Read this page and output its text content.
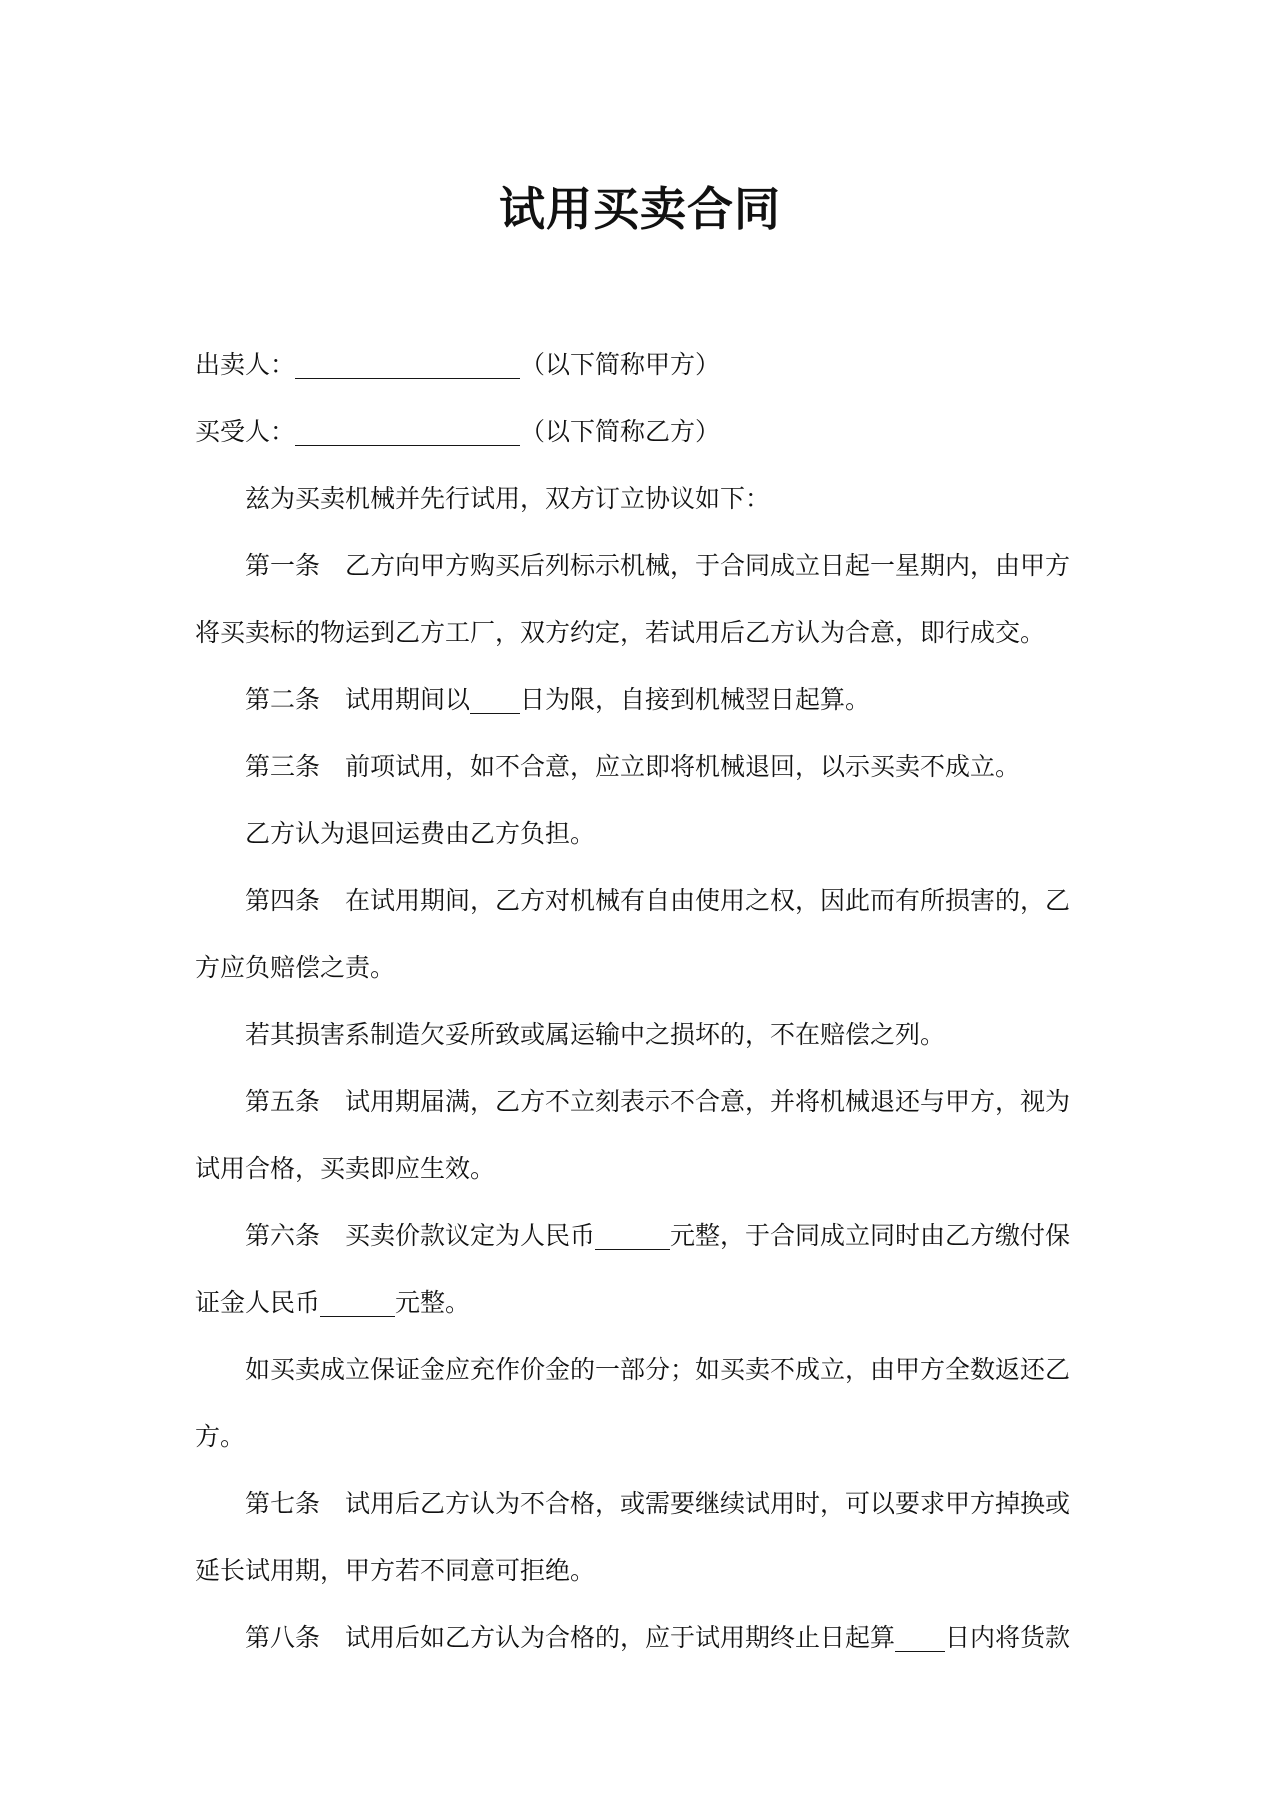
试用买卖合同

出卖人：__________________（以下简称甲方）

买受人：__________________（以下简称乙方）

兹为买卖机械并先行试用，双方订立协议如下：

第一条　乙方向甲方购买后列标示机械，于合同成立日起一星期内，由甲方将买卖标的物运到乙方工厂，双方约定，若试用后乙方认为合意，即行成交。

第二条　试用期间以____日为限，自接到机械翌日起算。

第三条　前项试用，如不合意，应立即将机械退回，以示买卖不成立。

乙方认为退回运费由乙方负担。

第四条　在试用期间，乙方对机械有自由使用之权，因此而有所损害的，乙方应负赔偿之责。

若其损害系制造欠妥所致或属运输中之损坏的，不在赔偿之列。

第五条　试用期届满，乙方不立刻表示不合意，并将机械退还与甲方，视为试用合格，买卖即应生效。

第六条　买卖价款议定为人民币______元整，于合同成立同时由乙方缴付保证金人民币______元整。

如买卖成立保证金应充作价金的一部分；如买卖不成立，由甲方全数返还乙方。

第七条　试用后乙方认为不合格，或需要继续试用时，可以要求甲方掉换或延长试用期，甲方若不同意可拒绝。

第八条　试用后如乙方认为合格的，应于试用期终止日起算____日内将货款
